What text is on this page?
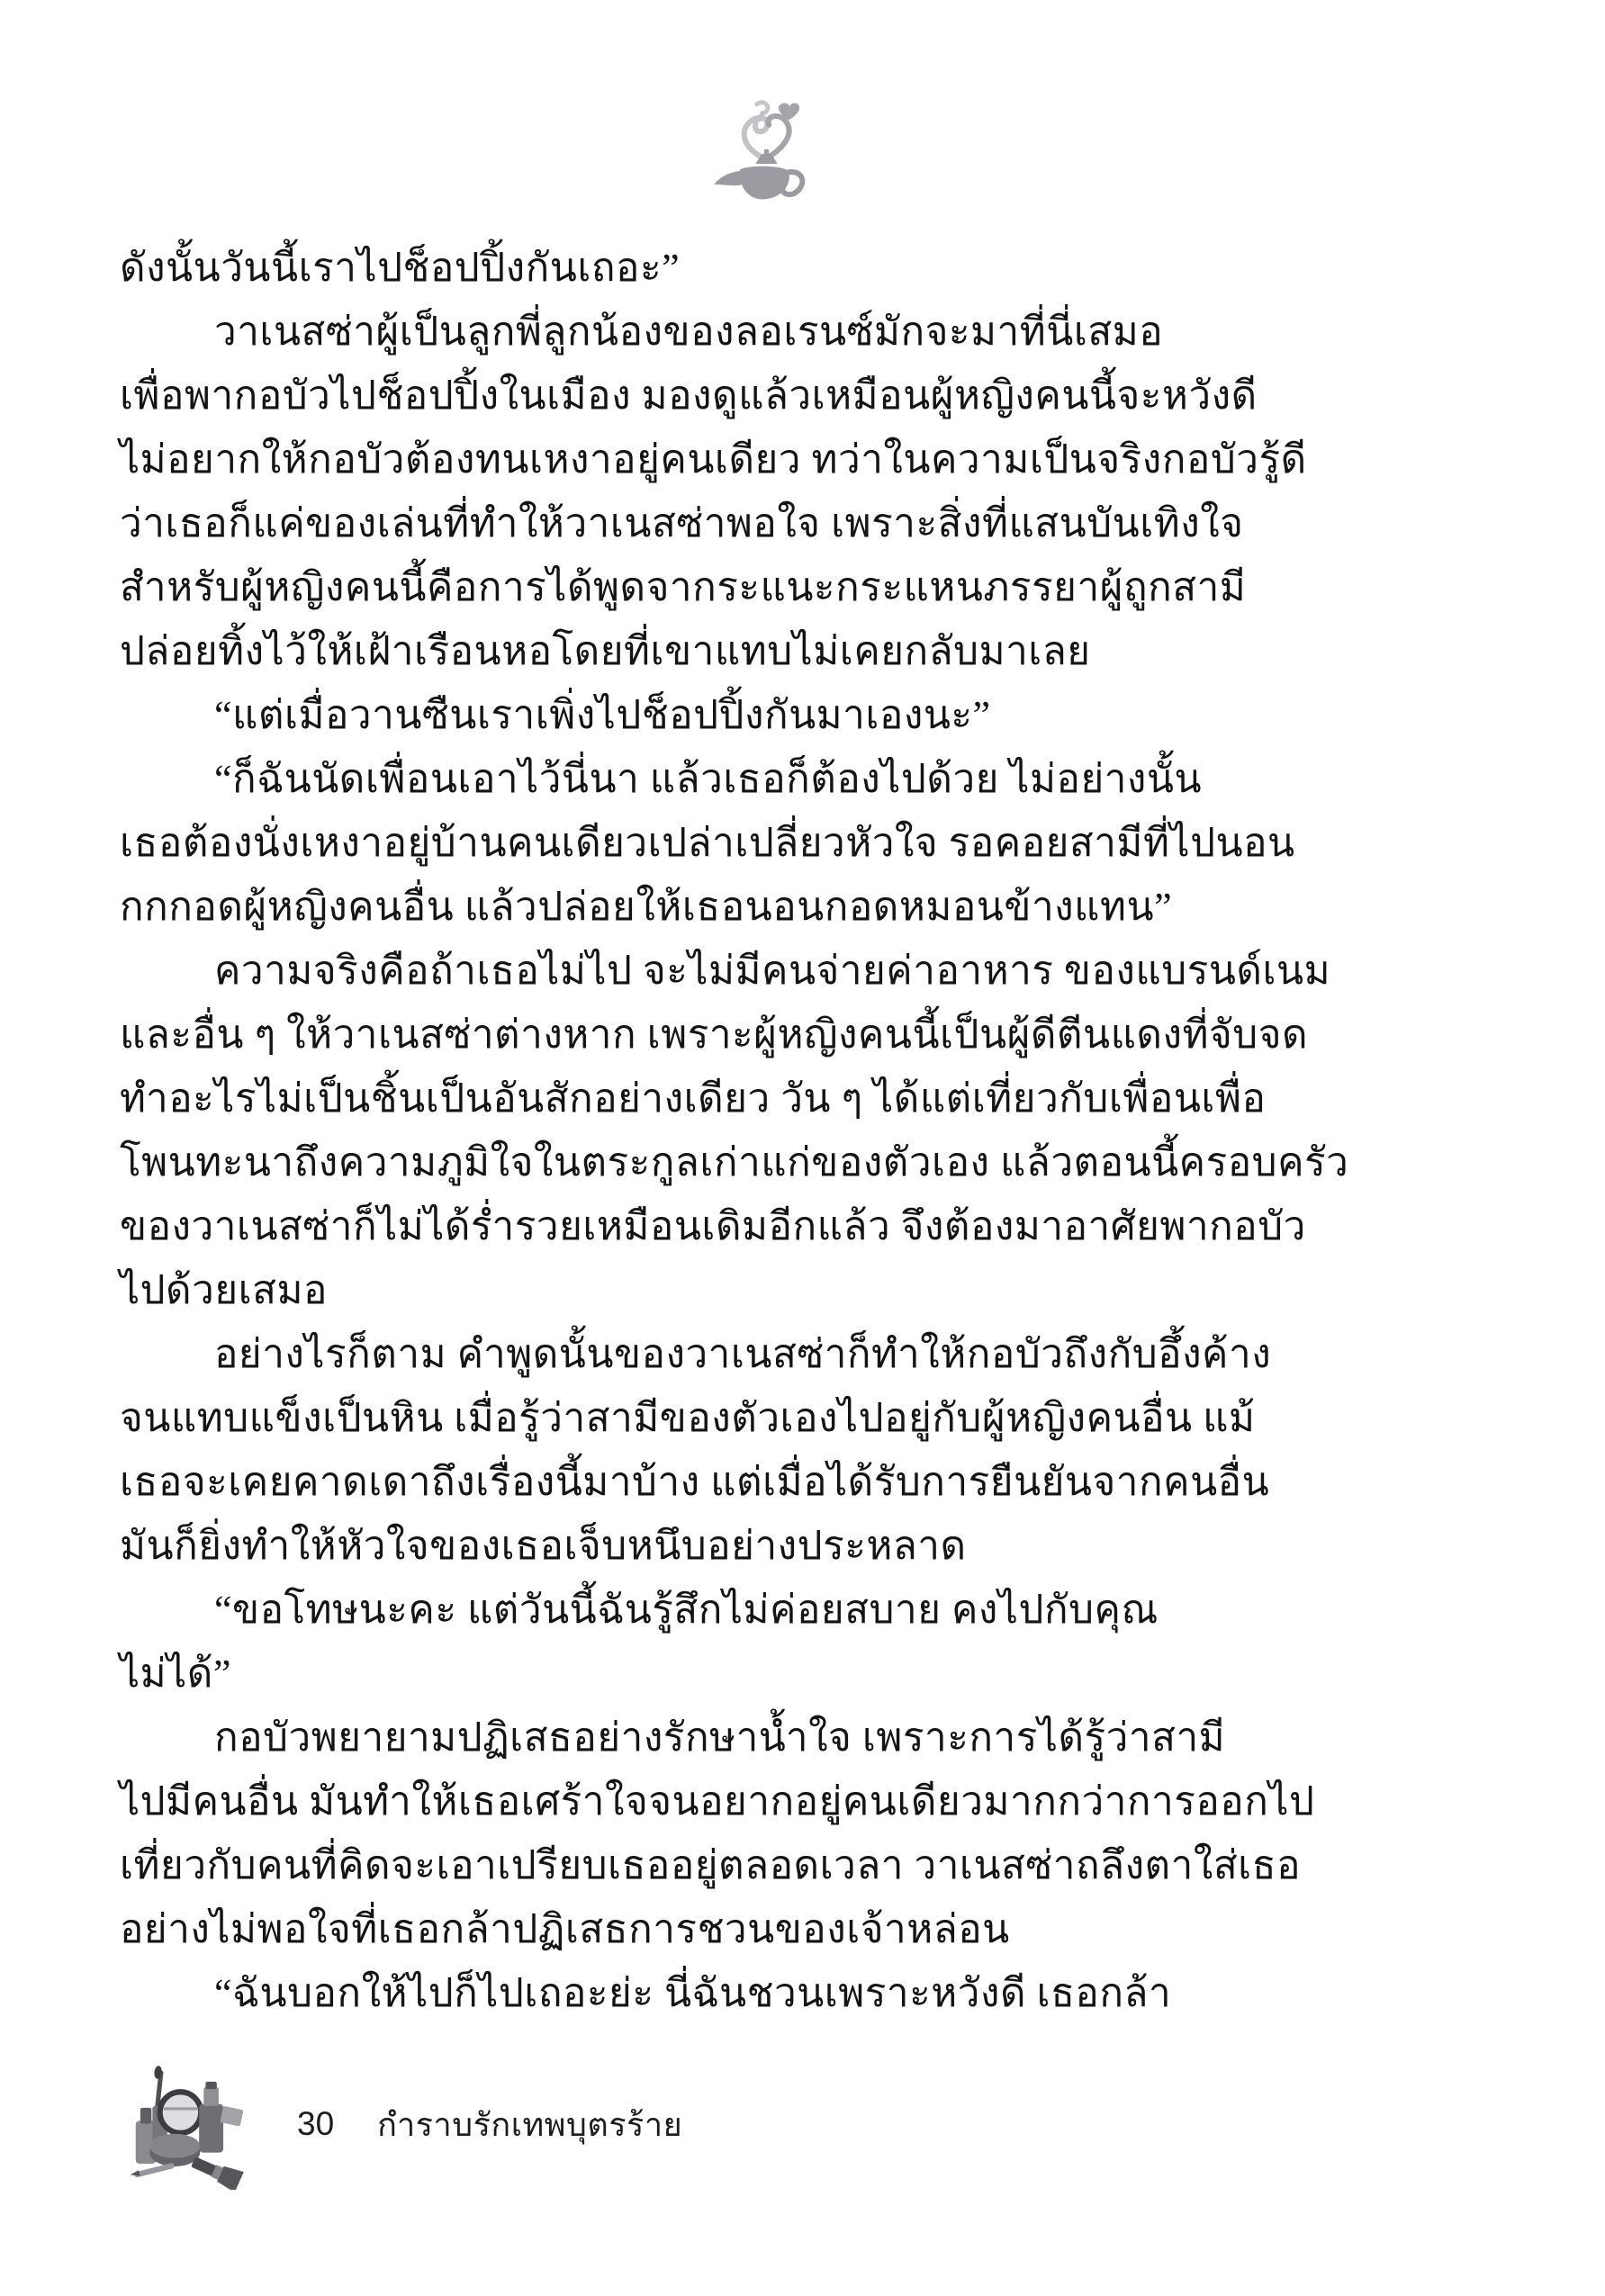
ดังนั้นวันนี้เราไปช็อปปิ้งกันเถอะ”
วาเนสซ่าผู้เป็นลูกพี่ลูกน้องของลอเรนซ์มักจะมาที่นี่เสมอ
เพื่อพากอบัวไปช็อปปิ้งในเมือง มองดูแล้วเหมือนผู้หญิงคนนี้จะหวังดี
ไม่อยากให้กอบัวต้องทนเหงาอยู่คนเดียว ทว่าในความเป็นจริงกอบัวรู้ดี
ว่าเธอก็แค่ของเล่นที่ทำให้วาเนสซ่าพอใจ เพราะสิ่งที่แสนบันเทิงใจ
สำหรับผู้หญิงคนนี้คือการได้พูดจากระแนะกระแหนภรรยาผู้ถูกสามี
ปล่อยทิ้งไว้ให้เฝ้าเรือนหอโดยที่เขาแทบไม่เคยกลับมาเลย
“แต่เมื่อวานซืนเราเพิ่งไปช็อปปิ้งกันมาเองนะ”
“ก็ฉันนัดเพื่อนเอาไว้นี่นา แล้วเธอก็ต้องไปด้วย ไม่อย่างนั้น
เธอต้องนั่งเหงาอยู่บ้านคนเดียวเปล่าเปลี่ยวหัวใจ รอคอยสามีที่ไปนอน
กกกอดผู้หญิงคนอื่น แล้วปล่อยให้เธอนอนกอดหมอนข้างแทน”
ความจริงคือถ้าเธอไม่ไป จะไม่มีคนจ่ายค่าอาหาร ของแบรนด์เนม
และอื่น ๆ ให้วาเนสซ่าต่างหาก เพราะผู้หญิงคนนี้เป็นผู้ดีตีนแดงที่จับจด
ทำอะไรไม่เป็นชิ้นเป็นอันสักอย่างเดียว วัน ๆ ได้แต่เที่ยวกับเพื่อนเพื่อ
โพนทะนาถึงความภูมิใจในตระกูลเก่าแก่ของตัวเอง แล้วตอนนี้ครอบครัว
ของวาเนสซ่าก็ไม่ได้ร่ำรวยเหมือนเดิมอีกแล้ว จึงต้องมาอาศัยพากอบัว
ไปด้วยเสมอ
อย่างไรก็ตาม คำพูดนั้นของวาเนสซ่าก็ทำให้กอบัวถึงกับอึ้งค้าง
จนแทบแข็งเป็นหิน เมื่อรู้ว่าสามีของตัวเองไปอยู่กับผู้หญิงคนอื่น แม้
เธอจะเคยคาดเดาถึงเรื่องนี้มาบ้าง แต่เมื่อได้รับการยืนยันจากคนอื่น
มันก็ยิ่งทำให้หัวใจของเธอเจ็บหนึบอย่างประหลาด
“ขอโทษนะคะ แต่วันนี้ฉันรู้สึกไม่ค่อยสบาย คงไปกับคุณ
ไม่ได้”
กอบัวพยายามปฏิเสธอย่างรักษาน้ำใจ เพราะการได้รู้ว่าสามี
ไปมีคนอื่น มันทำให้เธอเศร้าใจจนอยากอยู่คนเดียวมากกว่าการออกไป
เที่ยวกับคนที่คิดจะเอาเปรียบเธออยู่ตลอดเวลา วาเนสซ่าถลึงตาใส่เธอ
อย่างไม่พอใจที่เธอกล้าปฏิเสธการชวนของเจ้าหล่อน
“ฉันบอกให้ไปก็ไปเถอะย่ะ นี่ฉันชวนเพราะหวังดี เธอกล้า
30 กำราบรักเทพบุตรร้าย
